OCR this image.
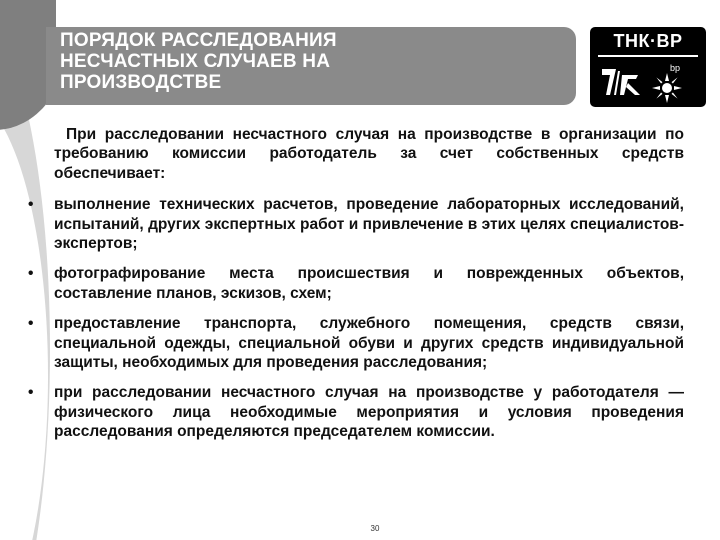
ПОРЯДОК РАССЛЕДОВАНИЯ
НЕСЧАСТНЫХ СЛУЧАЕВ НА
ПРОИЗВОДСТВЕ
ТНК·ВР
bp

При расследовании несчастного случая на производстве в организации по требованию комиссии работодатель за счет собственных средств обеспечивает:

•	выполнение технических расчетов, проведение лабораторных исследований, испытаний, других экспертных работ и привлечение в этих целях специалистов-экспертов;
•	фотографирование места происшествия и поврежденных объектов, составление планов, эскизов, схем;
•	предоставление транспорта, служебного помещения, средств связи, специальной одежды, специальной обуви и других средств индивидуальной защиты, необходимых для проведения расследования;
•	при расследовании несчастного случая на производстве у работодателя — физического лица необходимые мероприятия и условия проведения расследования определяются председателем комиссии.
30
